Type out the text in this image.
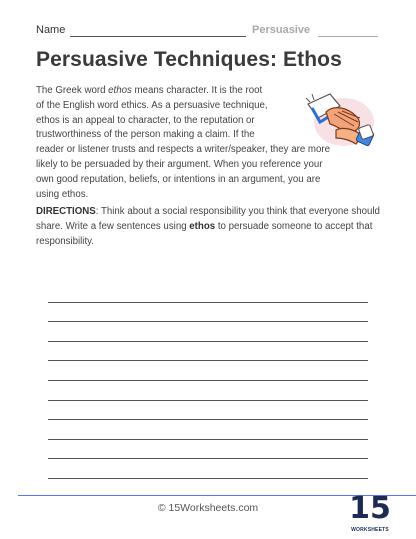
Name	Persuasive
Persuasive Techniques: Ethos

The Greek word ethos means character. It is the root
of the English word ethics. As a persuasive technique,
ethos is an appeal to character, to the reputation or
trustworthiness of the person making a claim. If the
reader or listener trusts and respects a writer/speaker, they are more
likely to be persuaded by their argument. When you reference your
own good reputation, beliefs, or intentions in an argument, you are
using ethos.

DIRECTIONS: Think about a social responsibility you think that everyone should share. Write a few sentences using ethos to persuade someone to accept that responsibility.
© 15Worksheets.com	15
WORKSHEETS
